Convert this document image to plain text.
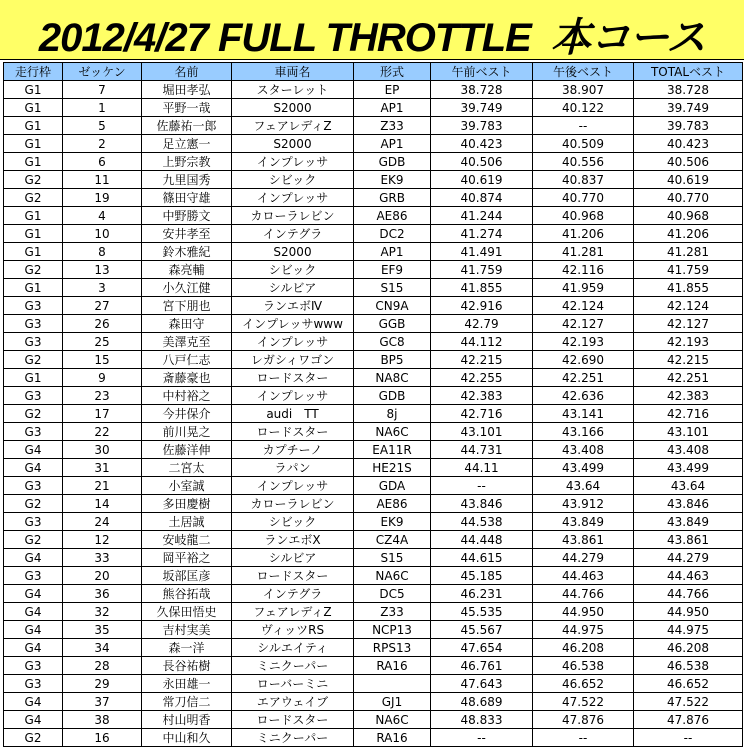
2012/4/27 FULL THROTTLE  本コース
走行枠	ゼッケン	名前	車両名	形式	午前ベスト	午後ベスト	TOTALベスト
G1	7	堀田孝弘	スターレット	EP	38.728	38.907	38.728
G1	1	平野一哉	S2000	AP1	39.749	40.122	39.749
G1	5	佐藤祐一郎	フェアレディZ	Z33	39.783	--	39.783
G1	2	足立憲一	S2000	AP1	40.423	40.509	40.423
G1	6	上野宗教	インプレッサ	GDB	40.506	40.556	40.506
G2	11	九里国秀	シビック	EK9	40.619	40.837	40.619
G2	19	篠田守雄	インプレッサ	GRB	40.874	40.770	40.770
G1	4	中野勝文	カローラレビン	AE86	41.244	40.968	40.968
G1	10	安井孝至	インテグラ	DC2	41.274	41.206	41.206
G1	8	鈴木雅紀	S2000	AP1	41.491	41.281	41.281
G2	13	森亮輔	シビック	EF9	41.759	42.116	41.759
G1	3	小久江健	シルビア	S15	41.855	41.959	41.855
G3	27	宮下朋也	ランエボⅣ	CN9A	42.916	42.124	42.124
G3	26	森田守	インプレッサwww	GGB	42.79	42.127	42.127
G3	25	美澤克至	インプレッサ	GC8	44.112	42.193	42.193
G2	15	八戸仁志	レガシィワゴン	BP5	42.215	42.690	42.215
G1	9	斎藤豪也	ロードスター	NA8C	42.255	42.251	42.251
G3	23	中村裕之	インプレッサ	GDB	42.383	42.636	42.383
G2	17	今井保介	audi　TT	8j	42.716	43.141	42.716
G3	22	前川晃之	ロードスター	NA6C	43.101	43.166	43.101
G4	30	佐藤洋伸	カプチーノ	EA11R	44.731	43.408	43.408
G4	31	二宮太	ラパン	HE21S	44.11	43.499	43.499
G3	21	小室誠	インプレッサ	GDA	--	43.64	43.64
G2	14	多田慶樹	カローラレビン	AE86	43.846	43.912	43.846
G3	24	土居誠	シビック	EK9	44.538	43.849	43.849
G2	12	安岐龍二	ランエボX	CZ4A	44.448	43.861	43.861
G4	33	岡平裕之	シルビア	S15	44.615	44.279	44.279
G3	20	坂部匡彦	ロードスター	NA6C	45.185	44.463	44.463
G4	36	熊谷拓哉	インテグラ	DC5	46.231	44.766	44.766
G4	32	久保田悟史	フェアレディZ	Z33	45.535	44.950	44.950
G4	35	吉村実美	ヴィッツRS	NCP13	45.567	44.975	44.975
G4	34	森一洋	シルエイティ	RPS13	47.654	46.208	46.208
G3	28	長谷祐樹	ミニクーパー	RA16	46.761	46.538	46.538
G3	29	永田雄一	ローバーミニ		47.643	46.652	46.652
G4	37	常刀信二	エアウェイブ	GJ1	48.689	47.522	47.522
G4	38	村山明香	ロードスター	NA6C	48.833	47.876	47.876
G2	16	中山和久	ミニクーパー	RA16	--	--	--
